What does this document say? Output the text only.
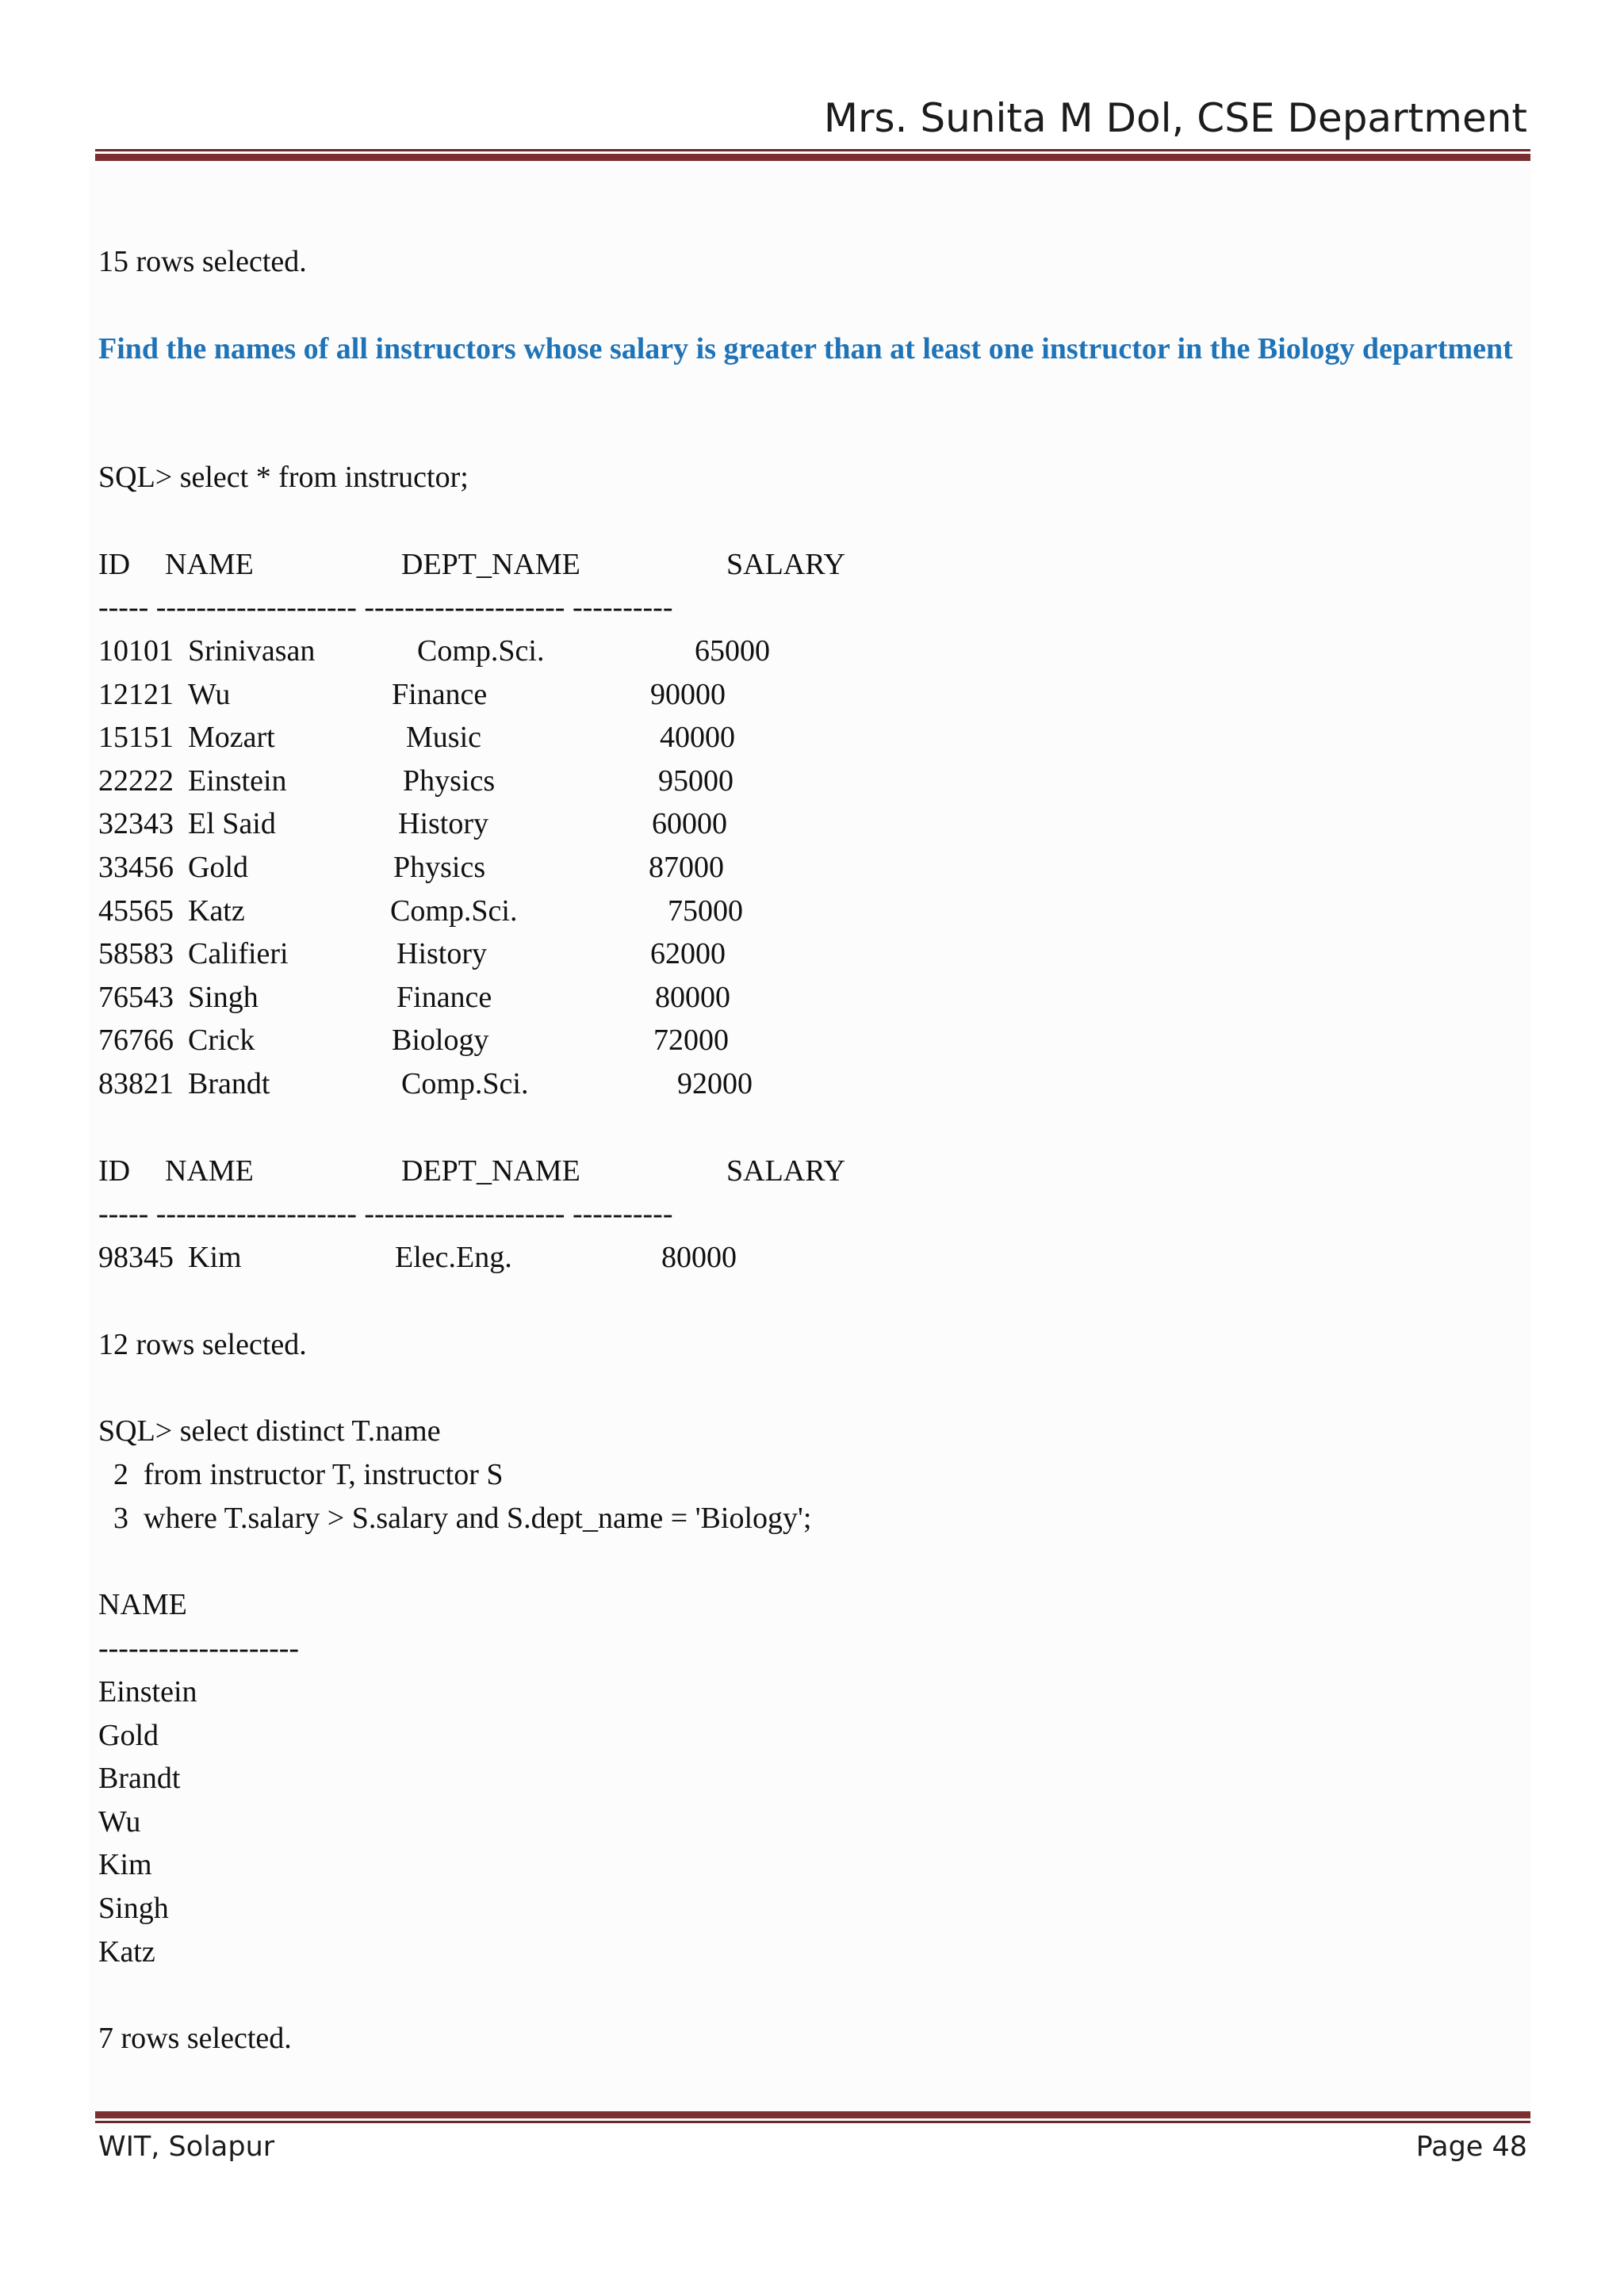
Mrs. Sunita M Dol, CSE Department
15 rows selected.
Find the names of all instructors whose salary is greater than at least one instructor in the Biology department
SQL> select * from instructor;
ID NAME	DEPT_NAME	SALARY
----- -------------------- -------------------- ----------
10101 Srinivasan	Comp.Sci.	65000
12121 Wu	Finance	90000
15151 Mozart	Music	40000
22222 Einstein	Physics	95000
32343 El Said	History	60000
33456 Gold	Physics	87000
45565 Katz	Comp.Sci.	75000
58583 Califieri	History	62000
76543 Singh	Finance	80000
76766 Crick	Biology	72000
83821 Brandt	Comp.Sci.	92000
ID NAME	DEPT_NAME	SALARY
----- -------------------- -------------------- ----------
98345 Kim	Elec.Eng.	80000
12 rows selected.
SQL> select distinct T.name
2  from instructor T, instructor S
3  where T.salary > S.salary and S.dept_name = 'Biology';
NAME
--------------------
Einstein
Gold
Brandt
Wu
Kim
Singh
Katz
7 rows selected.
WIT, Solapur	Page 48
